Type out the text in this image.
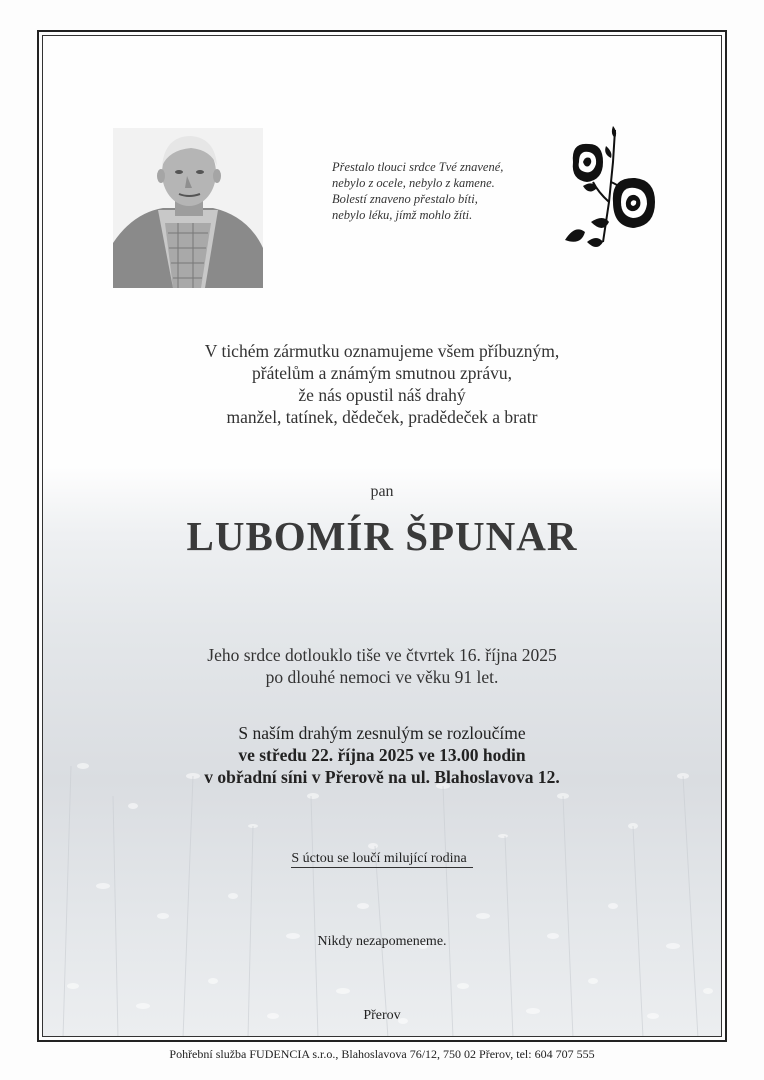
Přestalo tlouci srdce Tvé znavené,
nebylo z ocele, nebylo z kamene.
Bolestí znaveno přestalo bíti,
nebylo léku, jímž mohlo žíti.
V tichém zármutku oznamujeme všem příbuzným,
přátelům a známým smutnou zprávu,
že nás opustil náš drahý
manžel, tatínek, dědeček, pradědeček a bratr
pan
LUBOMÍR ŠPUNAR
Jeho srdce dotlouklo tiše ve čtvrtek 16. října 2025
po dlouhé nemoci ve věku 91 let.
S naším drahým zesnulým se rozloučíme
ve středu 22. října 2025 ve 13.00 hodin
v obřadní síni v Přerově na ul. Blahoslavova 12.
S úctou se loučí milující rodina
Nikdy nezapomeneme.
Přerov
Pohřební služba FUDENCIA s.r.o., Blahoslavova 76/12, 750 02 Přerov, tel: 604 707 555
